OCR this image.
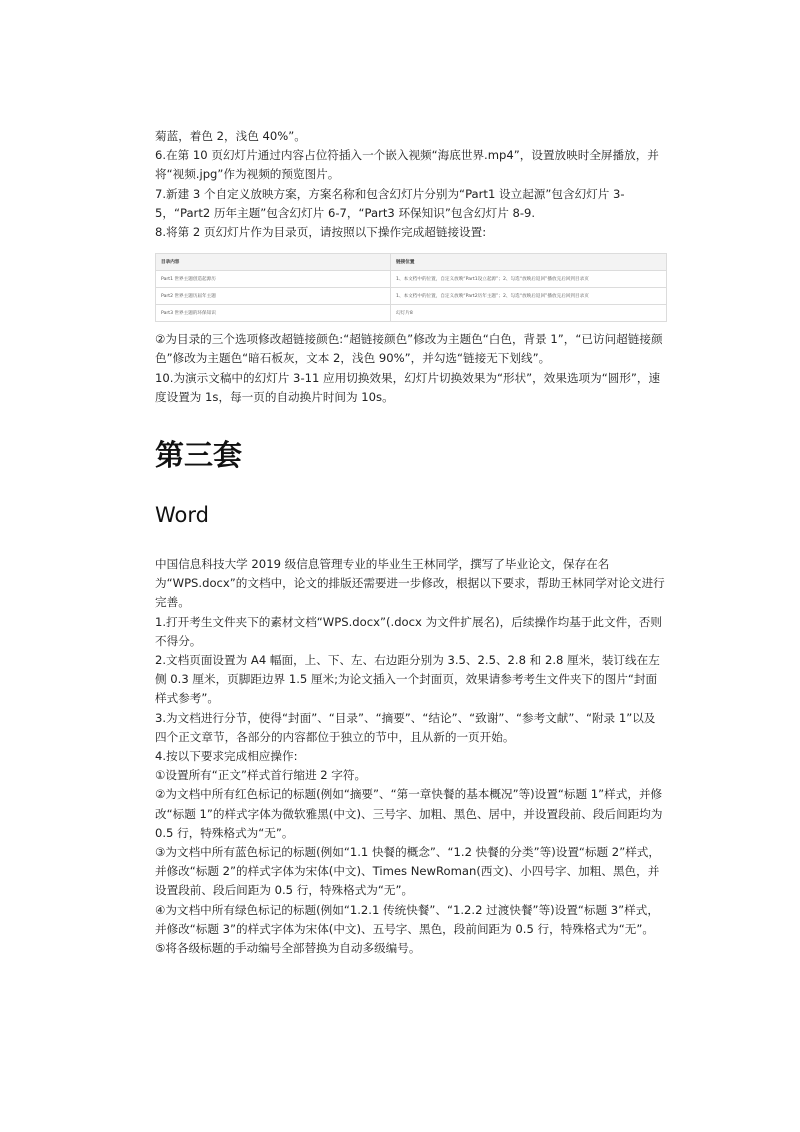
菊蓝，着色 2，浅色 40%”。

6.在第 10 页幻灯片通过内容占位符插入一个嵌入视频“海底世界.mp4”，设置放映时全屏播放，并将“视频.jpg”作为视频的预览图片。

7.新建 3 个自定义放映方案，方案名称和包含幻灯片分别为“Part1 设立起源”包含幻灯片 3-5，“Part2 历年主题”包含幻灯片 6-7，“Part3 环保知识”包含幻灯片 8-9.

8.将第 2 页幻灯片作为目录页，请按照以下操作完成超链接设置:

目录内容	链接位置
Part1 世界主题创造起源历	1、本文档中的位置，自定义放映“Part1设立起源”；2、勾选“放映后返回”播放完后回到目录页
Part2 世界主题历届年主题	1、本文档中的位置，自定义放映“Part2历年主题”；2、勾选“放映后返回”播放完后回到目录页
Part3 世界主题的环保知识	幻灯片8

②为目录的三个选项修改超链接颜色:“超链接颜色”修改为主题色“白色，背景 1”，“已访问超链接颜色”修改为主题色“暗石板灰，文本 2，浅色 90%”，并勾选“链接无下划线”。

10.为演示文稿中的幻灯片 3-11 应用切换效果，幻灯片切换效果为“形状”，效果选项为“圆形”，速度设置为 1s，每一页的自动换片时间为 10s。

第三套
Word

中国信息科技大学 2019 级信息管理专业的毕业生王林同学，撰写了毕业论文，保存在名为“WPS.docx”的文档中，论文的排版还需要进一步修改，根据以下要求，帮助王林同学对论文进行完善。

1.打开考生文件夹下的素材文档“WPS.docx”(.docx 为文件扩展名)，后续操作均基于此文件，否则不得分。

2.文档页面设置为 A4 幅面，上、下、左、右边距分别为 3.5、2.5、2.8 和 2.8 厘米，装订线在左侧 0.3 厘米，页脚距边界 1.5 厘米;为论文插入一个封面页，效果请参考考生文件夹下的图片“封面样式参考”。

3.为文档进行分节，使得“封面”、“目录”、“摘要”、“结论”、“致谢”、“参考文献”、“附录 1”以及四个正文章节，各部分的内容都位于独立的节中，且从新的一页开始。

4.按以下要求完成相应操作:

①设置所有“正文”样式首行缩进 2 字符。

②为文档中所有红色标记的标题(例如“摘要”、“第一章快餐的基本概况”等)设置“标题 1”样式，并修改“标题 1”的样式字体为微软雅黑(中文)、三号字、加粗、黑色、居中，并设置段前、段后间距均为 0.5 行，特殊格式为“无”。

③为文档中所有蓝色标记的标题(例如“1.1 快餐的概念”、“1.2 快餐的分类”等)设置“标题 2”样式，并修改“标题 2”的样式字体为宋体(中文)、Times NewRoman(西文)、小四号字、加粗、黑色，并设置段前、段后间距为 0.5 行，特殊格式为“无”。

④为文档中所有绿色标记的标题(例如“1.2.1 传统快餐”、“1.2.2 过渡快餐”等)设置“标题 3”样式，并修改“标题 3”的样式字体为宋体(中文)、五号字、黑色，段前间距为 0.5 行，特殊格式为“无”。

⑤将各级标题的手动编号全部替换为自动多级编号。
